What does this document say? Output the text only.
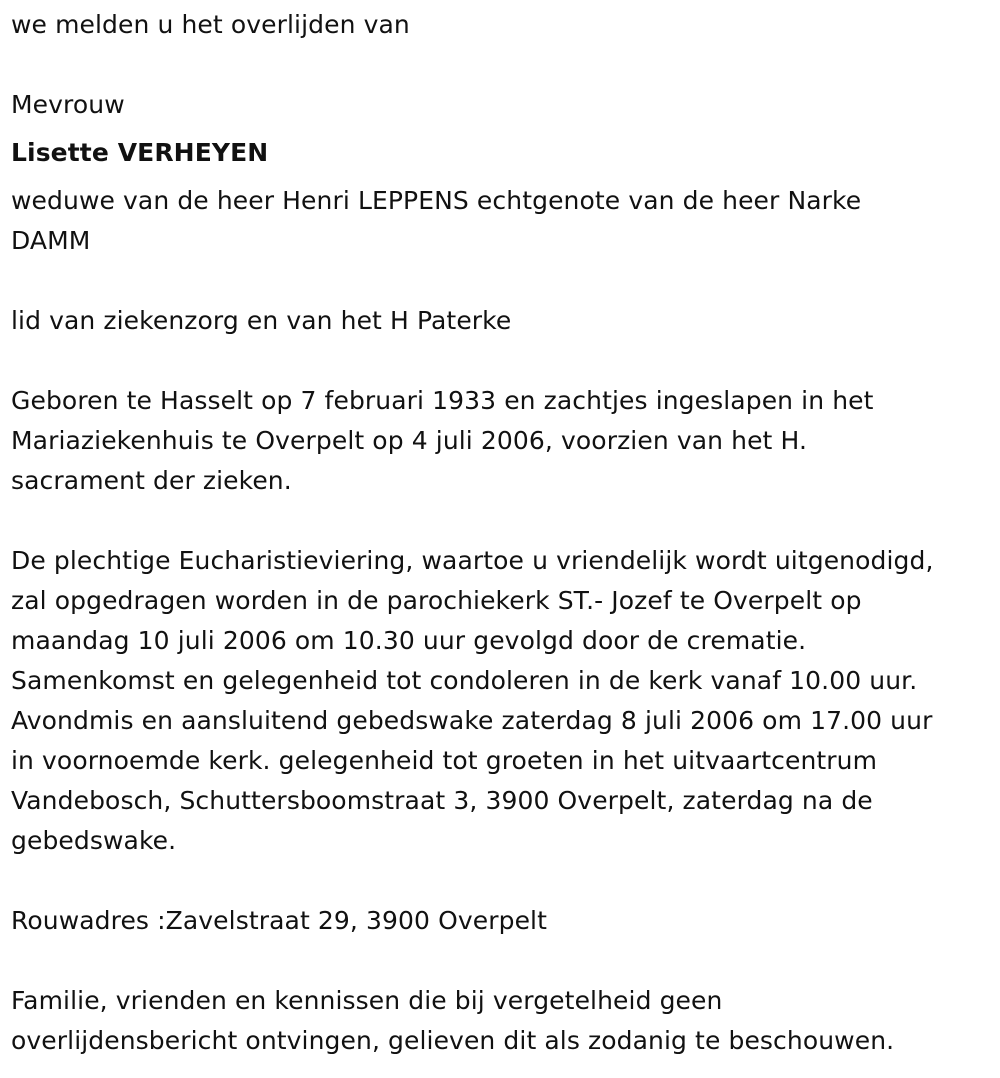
we melden u het overlijden van

Mevrouw

Lisette VERHEYEN

weduwe van de heer Henri LEPPENS echtgenote van de heer Narke

DAMM

lid van ziekenzorg en van het H Paterke

Geboren te Hasselt op 7 februari 1933 en zachtjes ingeslapen in het

Mariaziekenhuis te Overpelt op 4 juli 2006, voorzien van het H.

sacrament der zieken.

De plechtige Eucharistieviering, waartoe u vriendelijk wordt uitgenodigd,

zal opgedragen worden in de parochiekerk ST.- Jozef te Overpelt op

maandag 10 juli 2006 om 10.30 uur gevolgd door de crematie.

Samenkomst en gelegenheid tot condoleren in de kerk vanaf 10.00 uur.

Avondmis en aansluitend gebedswake zaterdag 8 juli 2006 om 17.00 uur

in voornoemde kerk. gelegenheid tot groeten in het uitvaartcentrum

Vandebosch, Schuttersboomstraat 3, 3900 Overpelt, zaterdag na de

gebedswake.

Rouwadres :Zavelstraat 29, 3900 Overpelt

Familie, vrienden en kennissen die bij vergetelheid geen

overlijdensbericht ontvingen, gelieven dit als zodanig te beschouwen.
